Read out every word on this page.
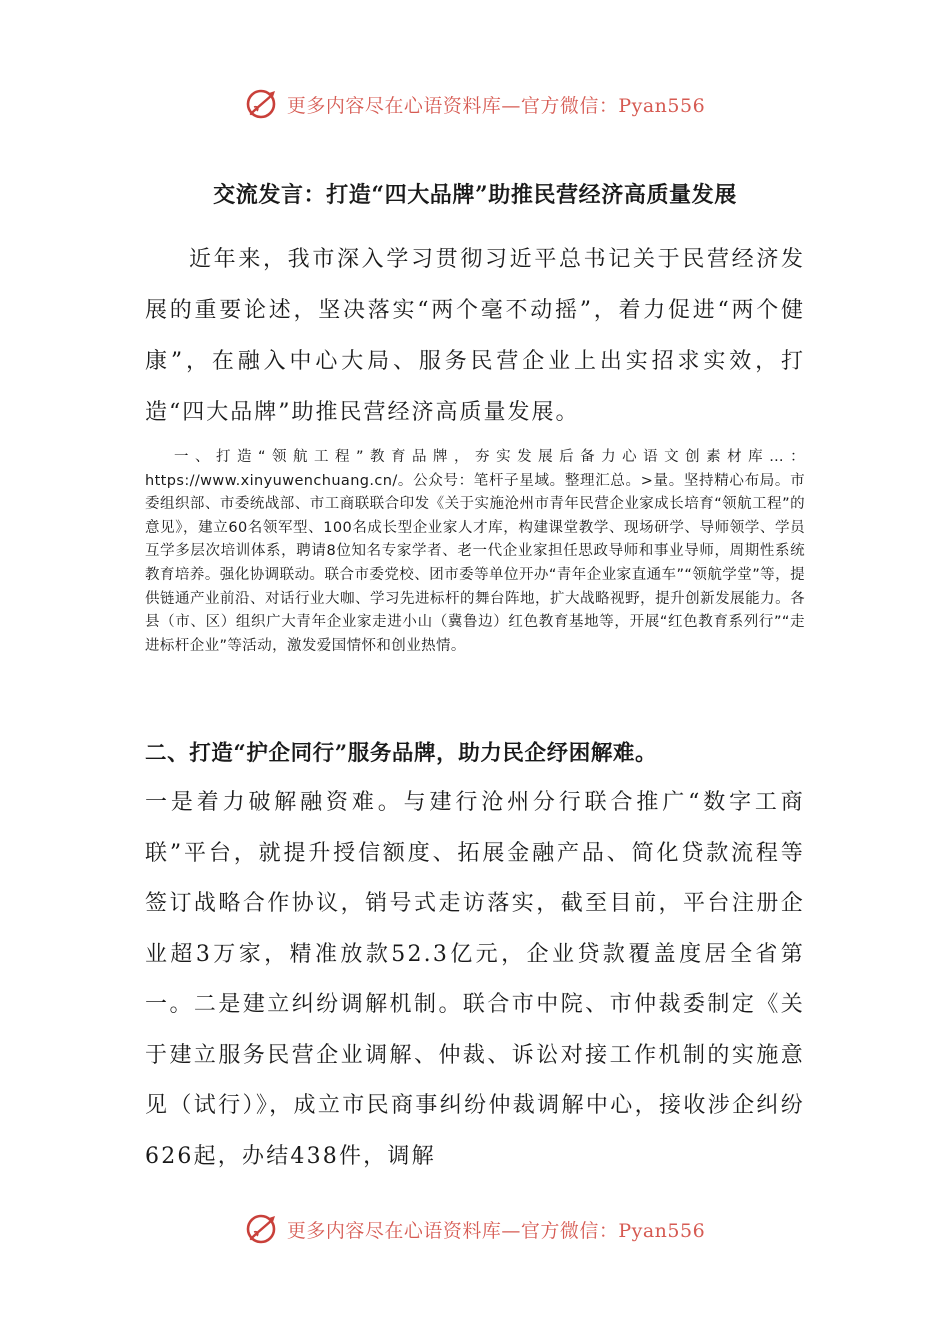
更多内容尽在心语资料库—官方微信：Pyan556
交流发言：打造“四大品牌”助推民营经济高质量发展

近年来，我市深入学习贯彻习近平总书记关于民营经济发展的重要论述，坚决落实“两个毫不动摇”，着力促进“两个健康”，在融入中心大局、服务民营企业上出实招求实效，打造“四大品牌”助推民营经济高质量发展。

一、打造“领航工程”教育品牌，夯实发展后备力心语文创素材库…：https://www.xinyuwenchuang.cn/。公众号：笔杆子星域。整理汇总。>量。坚持精心布局。市委组织部、市委统战部、市工商联联合印发《关于实施沧州市青年民营企业家成长培育“领航工程”的意见》，建立60名领军型、100名成长型企业家人才库，构建课堂教学、现场研学、导师领学、学员互学多层次培训体系，聘请8位知名专家学者、老一代企业家担任思政导师和事业导师，周期性系统教育培养。强化协调联动。联合市委党校、团市委等单位开办“青年企业家直通车”“领航学堂”等，提供链通产业前沿、对话行业大咖、学习先进标杆的舞台阵地，扩大战略视野，提升创新发展能力。各县（市、区）组织广大青年企业家走进小山（冀鲁边）红色教育基地等，开展“红色教育系列行”“走进标杆企业”等活动，激发爱国情怀和创业热情。

二、打造“护企同行”服务品牌，助力民企纾困解难。

一是着力破解融资难。与建行沧州分行联合推广“数字工商联”平台，就提升授信额度、拓展金融产品、简化贷款流程等签订战略合作协议，销号式走访落实，截至目前，平台注册企业超3万家，精准放款52.3亿元，企业贷款覆盖度居全省第一。二是建立纠纷调解机制。联合市中院、市仲裁委制定《关于建立服务民营企业调解、仲裁、诉讼对接工作机制的实施意见（试行）》，成立市民商事纠纷仲裁调解中心，接收涉企纠纷626起，办结438件，调解

更多内容尽在心语资料库—官方微信：Pyan556
